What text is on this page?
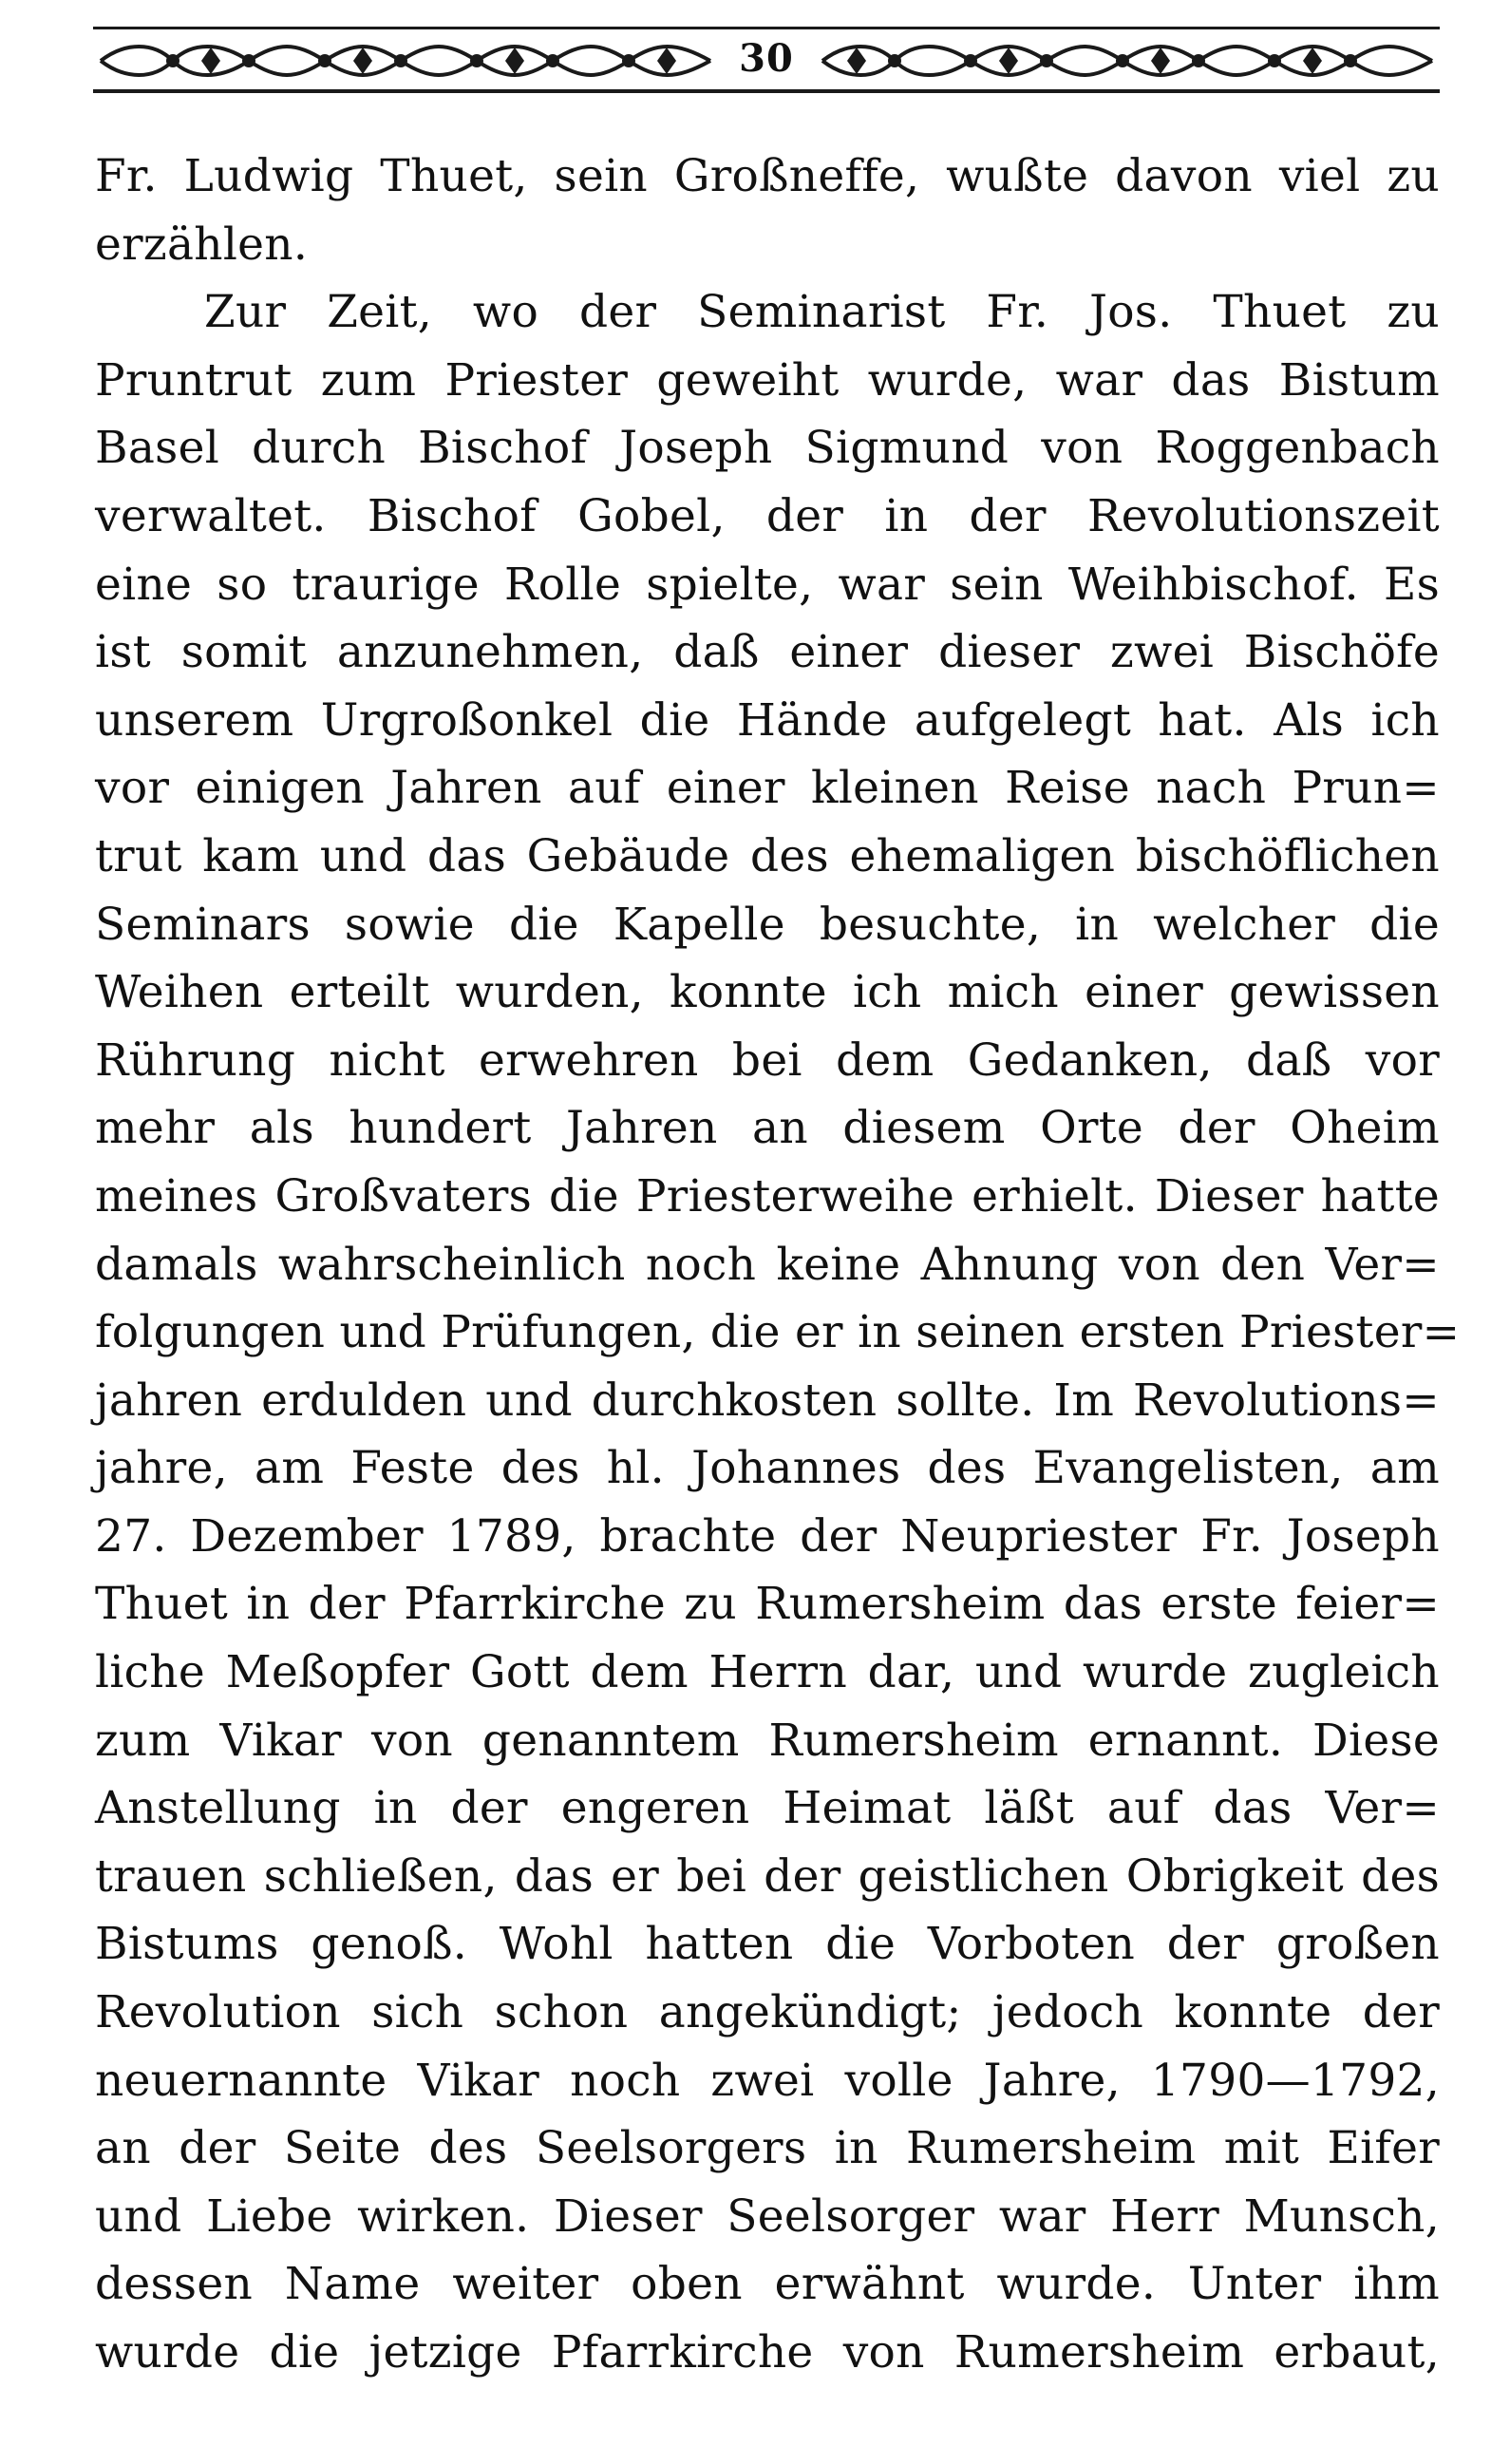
30
Fr. Ludwig Thuet, sein Großneffe, wußte davon viel zu
erzählen.
Zur Zeit, wo der Seminarist Fr. Jos. Thuet zu
Pruntrut zum Priester geweiht wurde, war das Bistum
Basel durch Bischof Joseph Sigmund von Roggenbach
verwaltet. Bischof Gobel, der in der Revolutionszeit
eine so traurige Rolle spielte, war sein Weihbischof. Es
ist somit anzunehmen, daß einer dieser zwei Bischöfe
unserem Urgroßonkel die Hände aufgelegt hat. Als ich
vor einigen Jahren auf einer kleinen Reise nach Prun=
trut kam und das Gebäude des ehemaligen bischöflichen
Seminars sowie die Kapelle besuchte, in welcher die
Weihen erteilt wurden, konnte ich mich einer gewissen
Rührung nicht erwehren bei dem Gedanken, daß vor
mehr als hundert Jahren an diesem Orte der Oheim
meines Großvaters die Priesterweihe erhielt. Dieser hatte
damals wahrscheinlich noch keine Ahnung von den Ver=
folgungen und Prüfungen, die er in seinen ersten Priester=
jahren erdulden und durchkosten sollte. Im Revolutions=
jahre, am Feste des hl. Johannes des Evangelisten, am
27. Dezember 1789, brachte der Neupriester Fr. Joseph
Thuet in der Pfarrkirche zu Rumersheim das erste feier=
liche Meßopfer Gott dem Herrn dar, und wurde zugleich
zum Vikar von genanntem Rumersheim ernannt. Diese
Anstellung in der engeren Heimat läßt auf das Ver=
trauen schließen, das er bei der geistlichen Obrigkeit des
Bistums genoß. Wohl hatten die Vorboten der großen
Revolution sich schon angekündigt; jedoch konnte der
neuernannte Vikar noch zwei volle Jahre, 1790—1792,
an der Seite des Seelsorgers in Rumersheim mit Eifer
und Liebe wirken. Dieser Seelsorger war Herr Munsch,
dessen Name weiter oben erwähnt wurde. Unter ihm
wurde die jetzige Pfarrkirche von Rumersheim erbaut,
